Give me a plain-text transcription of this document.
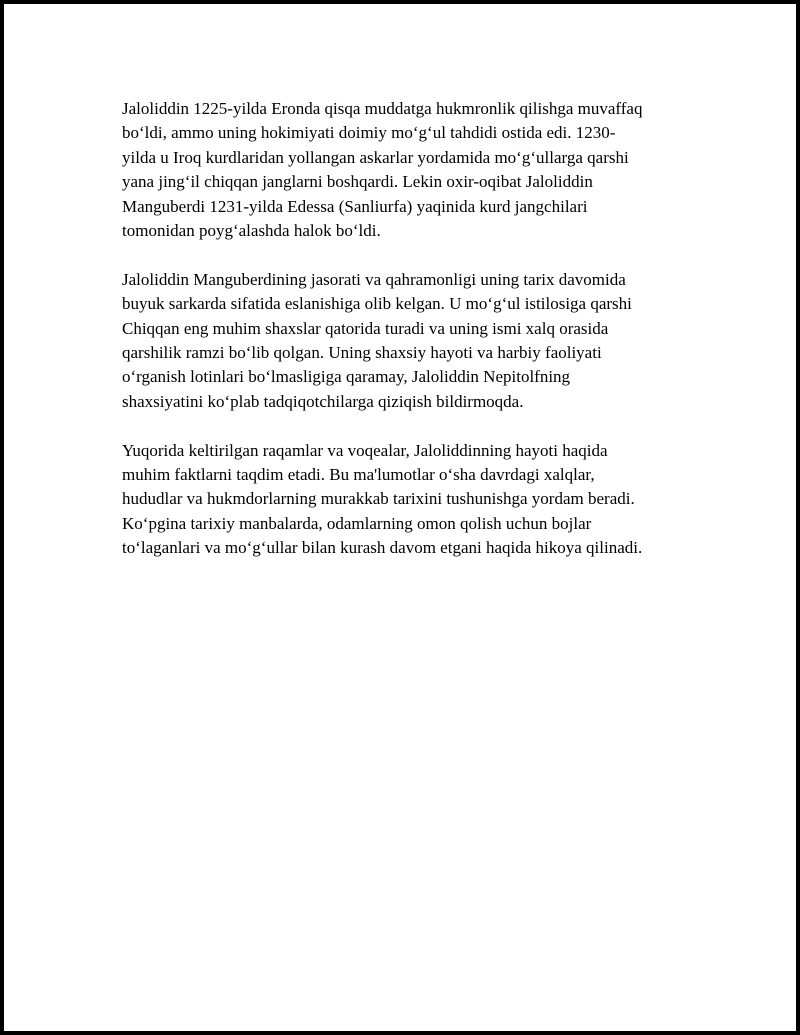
Jaloliddin 1225-yilda Eronda qisqa muddatga hukmronlik qilishga muvaffaq
bo‘ldi, ammo uning hokimiyati doimiy mo‘g‘ul tahdidi ostida edi. 1230-
yilda u Iroq kurdlaridan yollangan askarlar yordamida mo‘g‘ullarga qarshi
yana jing‘il chiqqan janglarni boshqardi. Lekin oxir-oqibat Jaloliddin
Manguberdi 1231-yilda Edessa (Sanliurfa) yaqinida kurd jangchilari
tomonidan poyg‘alashda halok bo‘ldi.

Jaloliddin Manguberdining jasorati va qahramonligi uning tarix davomida
buyuk sarkarda sifatida eslanishiga olib kelgan. U mo‘g‘ul istilosiga qarshi
Chiqqan eng muhim shaxslar qatorida turadi va uning ismi xalq orasida
qarshilik ramzi bo‘lib qolgan. Uning shaxsiy hayoti va harbiy faoliyati
o‘rganish lotinlari bo‘lmasligiga qaramay, Jaloliddin Nepitolfning
shaxsiyatini ko‘plab tadqiqotchilarga qiziqish bildirmoqda.

Yuqorida keltirilgan raqamlar va voqealar, Jaloliddinning hayoti haqida
muhim faktlarni taqdim etadi. Bu ma'lumotlar o‘sha davrdagi xalqlar,
hududlar va hukmdorlarning murakkab tarixini tushunishga yordam beradi.
Ko‘pgina tarixiy manbalarda, odamlarning omon qolish uchun bojlar
to‘laganlari va mo‘g‘ullar bilan kurash davom etgani haqida hikoya qilinadi.
